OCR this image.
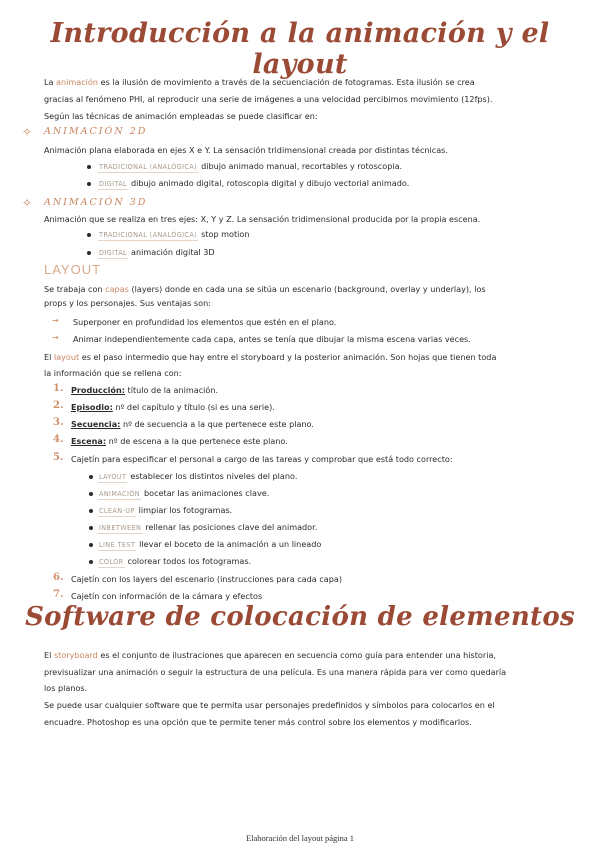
Introducción a la animación y el layout
La animación es la ilusión de movimiento a través de la secuenciación de fotogramas. Esta ilusión se crea
gracias al fenómeno PHI, al reproducir una serie de imágenes a una velocidad percibimos movimiento (12fps).
Según las técnicas de animación empleadas se puede clasificar en:
✧ ANIMACIÓN 2D
Animación plana elaborada en ejes X e Y. La sensación tridimensional creada por distintas técnicas.
TRADICIONAL (ANALÓGICA) dibujo animado manual, recortables y rotoscopia.
DIGITAL dibujo animado digital, rotoscopia digital y dibujo vectorial animado.
✧ ANIMACIÓN 3D
Animación que se realiza en tres ejes: X, Y y Z. La sensación tridimensional producida por la propia escena.
TRADICIONAL (ANALÓGICA) stop motion
DIGITAL animación digital 3D
LAYOUT
Se trabaja con capas (layers) donde en cada una se sitúa un escenario (background, overlay y underlay), los
props y los personajes. Sus ventajas son:
→ Superponer en profundidad los elementos que estén en el plano.
→ Animar independientemente cada capa, antes se tenía que dibujar la misma escena varias veces.
El layout es el paso intermedio que hay entre el storyboard y la posterior animación. Son hojas que tienen toda
la información que se rellena con:
1. Producción: título de la animación.
2. Episodio: nº del capítulo y título (si es una serie).
3. Secuencia: nº de secuencia a la que pertenece este plano.
4. Escena: nº de escena a la que pertenece este plano.
5. Cajetín para especificar el personal a cargo de las tareas y comprobar que está todo correcto:
LAYOUT establecer los distintos niveles del plano.
ANIMACIÓN bocetar las animaciones clave.
CLEAN-UP limpiar los fotogramas.
INBETWEEN rellenar las posiciones clave del animador.
LINE TEST llevar el boceto de la animación a un lineado
COLOR colorear todos los fotogramas.
6. Cajetín con los layers del escenario (instrucciones para cada capa)
7. Cajetín con información de la cámara y efectos
Software de colocación de elementos
El storyboard es el conjunto de ilustraciones que aparecen en secuencia como guía para entender una historia,
previsualizar una animación o seguir la estructura de una película. Es una manera rápida para ver como quedaría
los planos.
Se puede usar cualquier software que te permita usar personajes predefinidos y símbolos para colocarlos en el
encuadre. Photoshop es una opción que te permite tener más control sobre los elementos y modificarlos.
Elaboración del layout página 1
